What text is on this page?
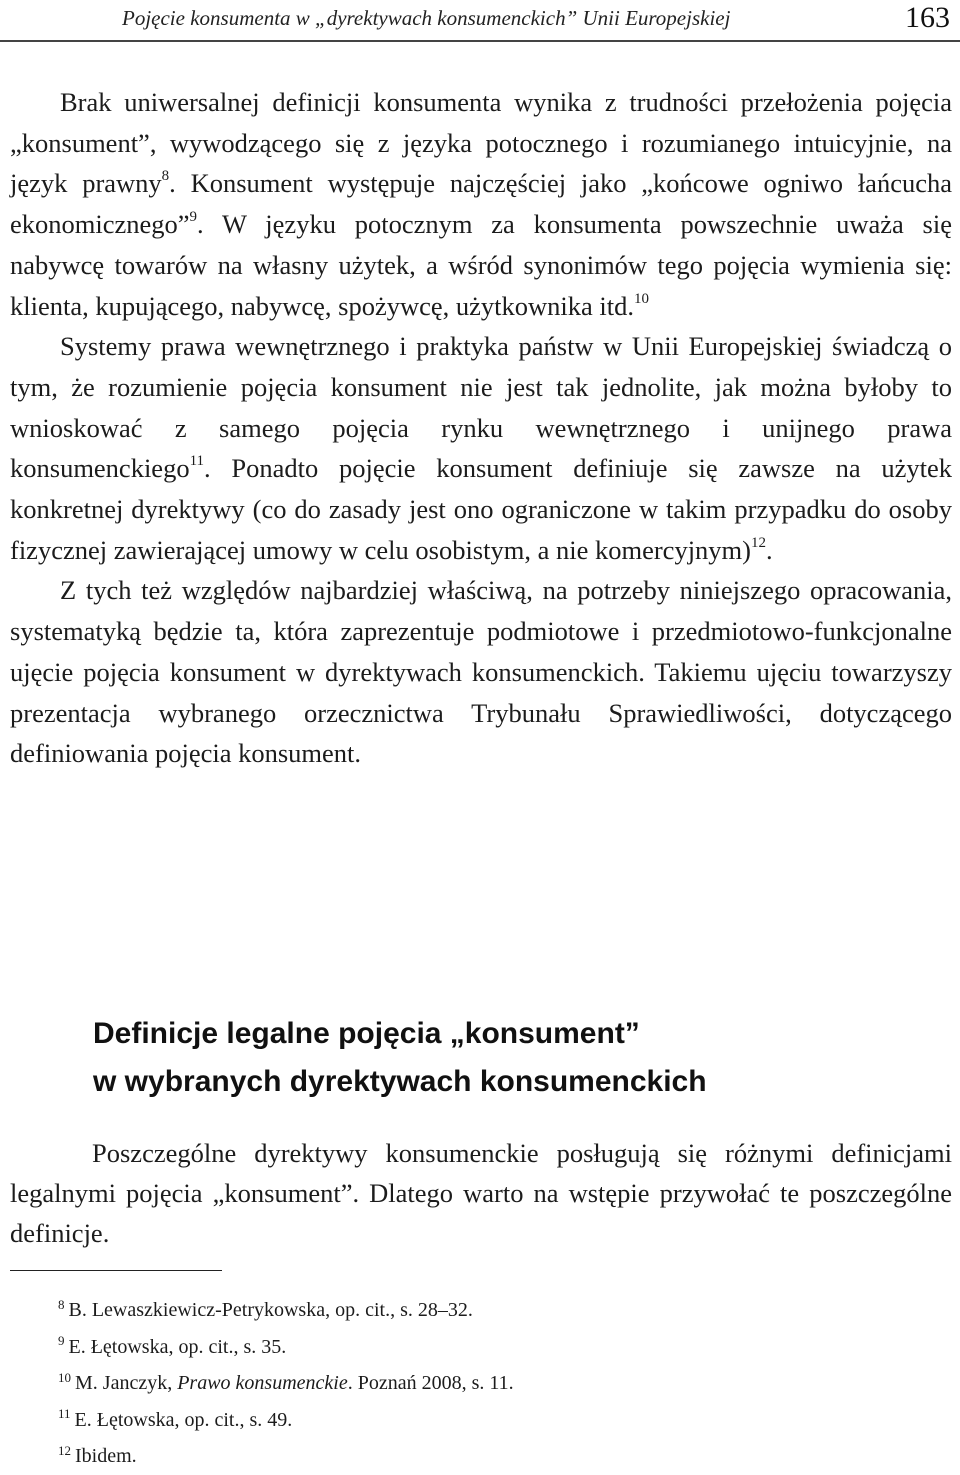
Pojęcie konsumenta w „dyrektywach konsumenckich” Unii Europejskiej	163

Brak uniwersalnej definicji konsumenta wynika z trudności przełożenia pojęcia „konsument”, wywodzącego się z języka potocznego i rozumianego intuicyjnie, na język prawny$^8$. Konsument występuje najczęściej jako „końcowe ogniwo łańcucha ekonomicznego”$^9$. W języku potocznym za konsumenta powszechnie uważa się nabywcę towarów na własny użytek, a wśród synonimów tego pojęcia wymienia się: klienta, kupującego, nabywcę, spożywcę, użytkownika itd.$^{10}$

Systemy prawa wewnętrznego i praktyka państw w Unii Europejskiej świadczą o tym, że rozumienie pojęcia konsument nie jest tak jednolite, jak można byłoby to wnioskować z samego pojęcia rynku wewnętrznego i unijnego prawa konsumenckiego$^{11}$. Ponadto pojęcie konsument definiuje się zawsze na użytek konkretnej dyrektywy (co do zasady jest ono ograniczone w takim przypadku do osoby fizycznej zawierającej umowy w celu osobistym, a nie komercyjnym)$^{12}$.

Z tych też względów najbardziej właściwą, na potrzeby niniejszego opracowania, systematyką będzie ta, która zaprezentuje podmiotowe i przedmiotowo-funkcjonalne ujęcie pojęcia konsument w dyrektywach konsumenckich. Takiemu ujęciu towarzyszy prezentacja wybranego orzecznictwa Trybunału Sprawiedliwości, dotyczącego definiowania pojęcia konsument.

Definicje legalne pojęcia „konsument”
w wybranych dyrektywach konsumenckich

Poszczególne dyrektywy konsumenckie posługują się różnymi definicjami legalnymi pojęcia „konsument”. Dlatego warto na wstępie przywołać te poszczególne definicje.

$^8$ B. Lewaszkiewicz-Petrykowska, op. cit., s. 28–32.
$^9$ E. Łętowska, op. cit., s. 35.
$^{10}$ M. Janczyk, Prawo konsumenckie. Poznań 2008, s. 11.
$^{11}$ E. Łętowska, op. cit., s. 49.
$^{12}$ Ibidem.
